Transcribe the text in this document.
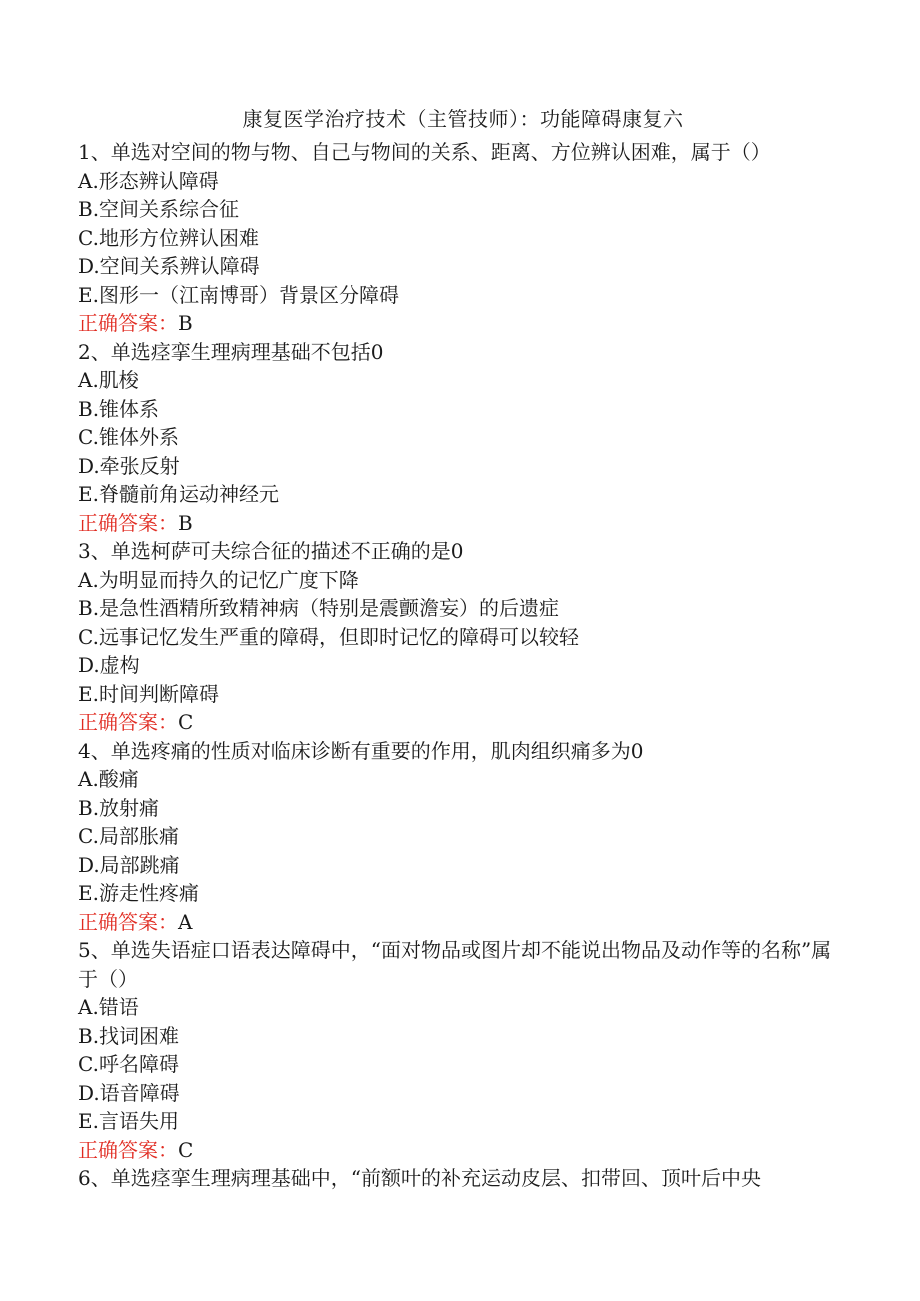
康复医学治疗技术（主管技师）：功能障碍康复六
1、单选对空间的物与物、自己与物间的关系、距离、方位辨认困难，属于（）
A.形态辨认障碍
B.空间关系综合征
C.地形方位辨认困难
D.空间关系辨认障碍
E.图形一（江南博哥）背景区分障碍
正确答案：B
2、单选痉挛生理病理基础不包括0
A.肌梭
B.锥体系
C.锥体外系
D.牵张反射
E.脊髓前角运动神经元
正确答案：B
3、单选柯萨可夫综合征的描述不正确的是0
A.为明显而持久的记忆广度下降
B.是急性酒精所致精神病（特别是震颤澹妄）的后遗症
C.远事记忆发生严重的障碍，但即时记忆的障碍可以较轻
D.虚构
E.时间判断障碍
正确答案：C
4、单选疼痛的性质对临床诊断有重要的作用，肌肉组织痛多为0
A.酸痛
B.放射痛
C.局部胀痛
D.局部跳痛
E.游走性疼痛
正确答案：A
5、单选失语症口语表达障碍中，“面对物品或图片却不能说出物品及动作等的名称”属于（）
A.错语
B.找词困难
C.呼名障碍
D.语音障碍
E.言语失用
正确答案：C
6、单选痉挛生理病理基础中，“前额叶的补充运动皮层、扣带回、顶叶后中央
